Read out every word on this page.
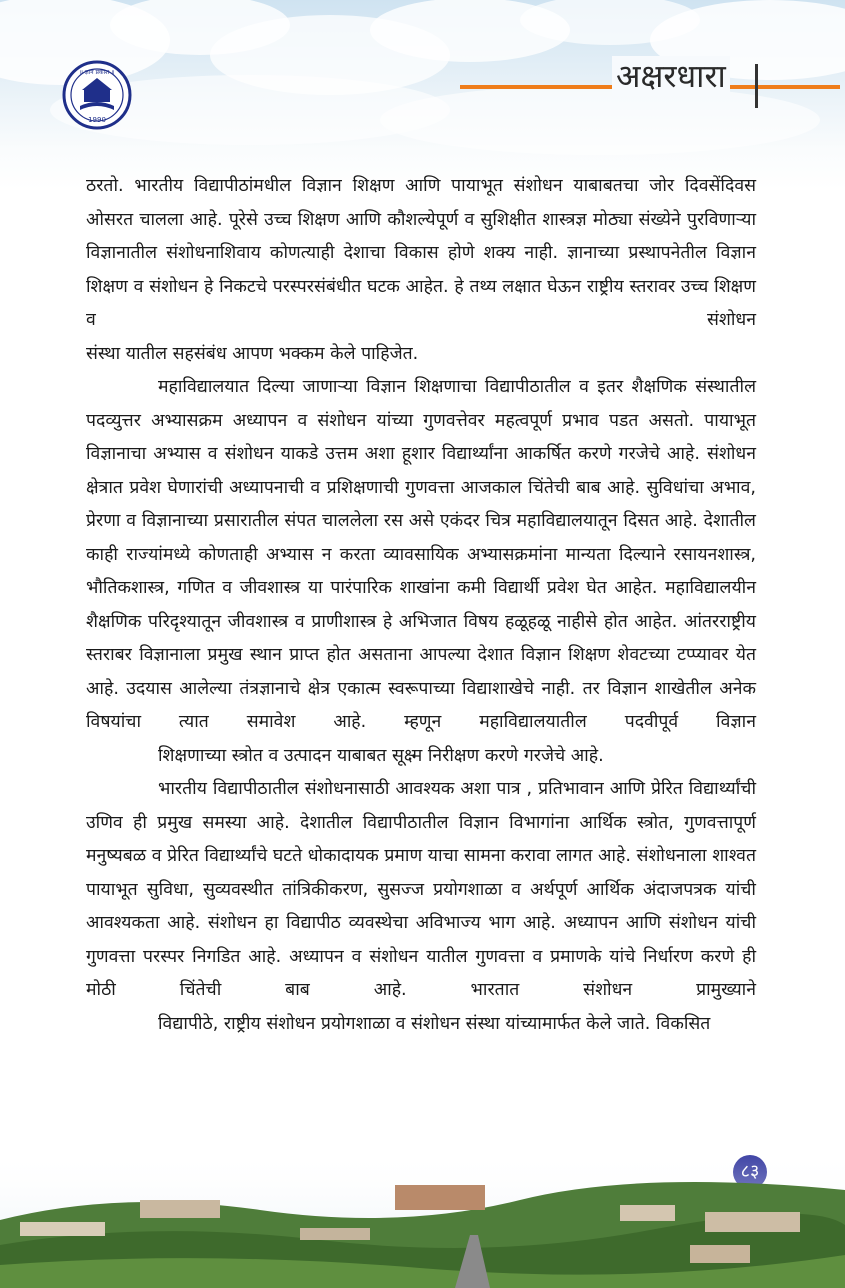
॥ ज्ञान प्रकाश ॥
1990
अक्षरधारा

ठरतो. भारतीय विद्यापीठांमधील विज्ञान शिक्षण आणि पायाभूत संशोधन याबाबतचा जोर दिवसेंदिवस ओसरत चालला आहे. पूरेसे उच्च शिक्षण आणि कौशल्येपूर्ण व सुशिक्षीत शास्त्रज्ञ मोठ्या संख्येने पुरविणाऱ्या विज्ञानातील संशोधनाशिवाय कोणत्याही देशाचा विकास होणे शक्य नाही. ज्ञानाच्या प्रस्थापनेतील विज्ञान शिक्षण व संशोधन हे निकटचे परस्परसंबंधीत घटक आहेत. हे तथ्य लक्षात घेऊन राष्ट्रीय स्तरावर उच्च शिक्षण व संशोधन
संस्था यातील सहसंबंध आपण भक्कम केले पाहिजेत.

महाविद्यालयात दिल्या जाणाऱ्या विज्ञान शिक्षणाचा विद्यापीठातील व इतर शैक्षणिक संस्थातील पदव्युत्तर अभ्यासक्रम अध्यापन व संशोधन यांच्या गुणवत्तेवर महत्वपूर्ण प्रभाव पडत असतो. पायाभूत विज्ञानाचा अभ्यास व संशोधन याकडे उत्तम अशा हूशार विद्यार्थ्यांना आकर्षित करणे गरजेचे आहे. संशोधन क्षेत्रात प्रवेश घेणारांची अध्यापनाची व प्रशिक्षणाची गुणवत्ता आजकाल चिंतेची बाब आहे. सुविधांचा अभाव, प्रेरणा व विज्ञानाच्या प्रसारातील संपत चाललेला रस असे एकंदर चित्र महाविद्यालयातून दिसत आहे. देशातील काही राज्यांमध्ये कोणताही अभ्यास न करता व्यावसायिक अभ्यासक्रमांना मान्यता दिल्याने रसायनशास्त्र, भौतिकशास्त्र, गणित व जीवशास्त्र या पारंपारिक शाखांना कमी विद्यार्थी प्रवेश घेत आहेत. महाविद्यालयीन शैक्षणिक परिदृश्यातून जीवशास्त्र व प्राणीशास्त्र हे अभिजात विषय हळूहळू नाहीसे होत आहेत. आंतरराष्ट्रीय स्तराबर विज्ञानाला प्रमुख स्थान प्राप्त होत असताना आपल्या देशात विज्ञान शिक्षण शेवटच्या टप्प्यावर येत आहे. उदयास आलेल्या तंत्रज्ञानाचे क्षेत्र एकात्म स्वरूपाच्या विद्याशाखेचे नाही. तर विज्ञान शाखेतील अनेक विषयांचा त्यात समावेश आहे. म्हणून महाविद्यालयातील पदवीपूर्व विज्ञान
शिक्षणाच्या स्त्रोत व उत्पादन याबाबत सूक्ष्म निरीक्षण करणे गरजेचे आहे.

भारतीय विद्यापीठातील संशोधनासाठी आवश्यक अशा पात्र , प्रतिभावान आणि प्रेरित विद्यार्थ्यांची उणिव ही प्रमुख समस्या आहे. देशातील विद्यापीठातील विज्ञान विभागांना आर्थिक स्त्रोत, गुणवत्तापूर्ण मनुष्यबळ व प्रेरित विद्यार्थ्यांचे घटते धोकादायक प्रमाण याचा सामना करावा लागत आहे. संशोधनाला शाश्वत पायाभूत सुविधा, सुव्यवस्थीत तांत्रिकीकरण, सुसज्ज प्रयोगशाळा व अर्थपूर्ण आर्थिक अंदाजपत्रक यांची आवश्यकता आहे. संशोधन हा विद्यापीठ व्यवस्थेचा अविभाज्य भाग आहे. अध्यापन आणि संशोधन यांची गुणवत्ता परस्पर निगडित आहे. अध्यापन व संशोधन यातील गुणवत्ता व प्रमाणके यांचे निर्धारण करणे ही मोठी चिंतेची बाब आहे. भारतात संशोधन प्रामुख्याने
विद्यापीठे, राष्ट्रीय संशोधन प्रयोगशाळा व संशोधन संस्था यांच्यामार्फत केले जाते. विकसित
